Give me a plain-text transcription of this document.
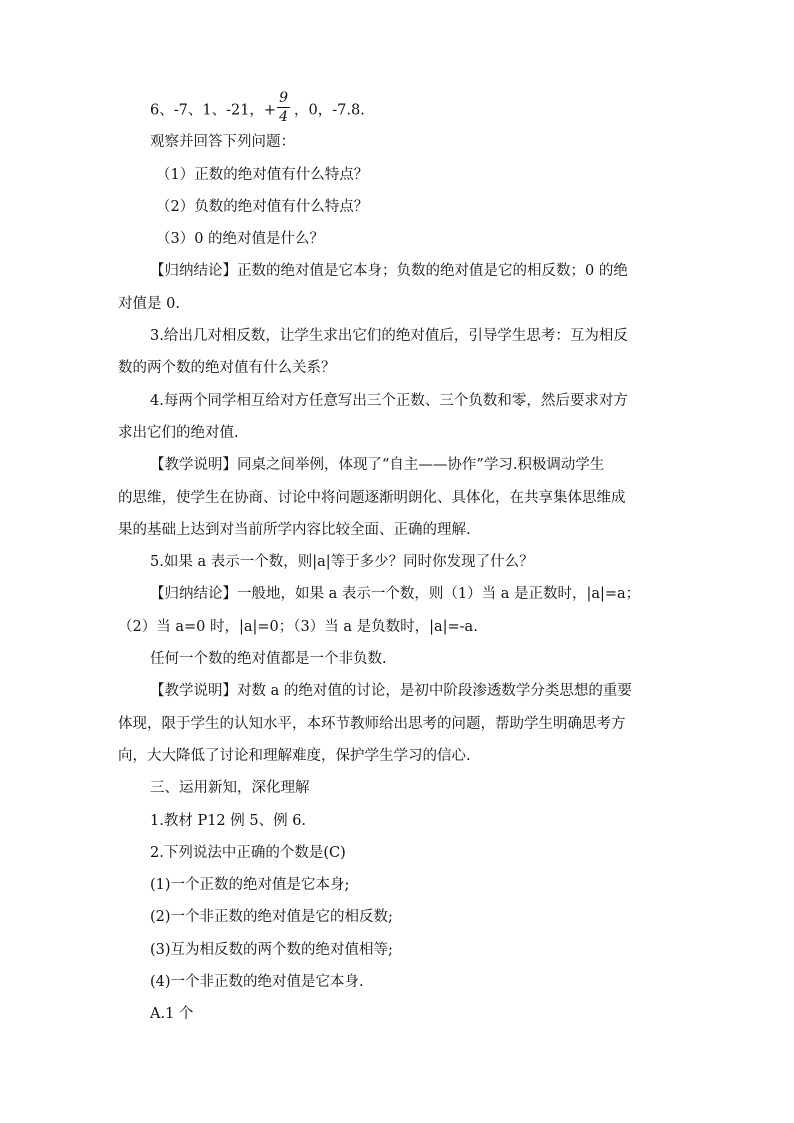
6、-7、1、-21，+ $\frac{9}{4}$ ，0，-7.8.
观察并回答下列问题：
（1）正数的绝对值有什么特点？
（2）负数的绝对值有什么特点？
（3）0 的绝对值是什么？
【归纳结论】正数的绝对值是它本身；负数的绝对值是它的相反数；0 的绝
对值是 0.
3.给出几对相反数，让学生求出它们的绝对值后，引导学生思考：互为相反
数的两个数的绝对值有什么关系？
4.每两个同学相互给对方任意写出三个正数、三个负数和零，然后要求对方
求出它们的绝对值.
【教学说明】同桌之间举例，体现了“自主——协作”学习.积极调动学生
的思维，使学生在协商、讨论中将问题逐渐明朗化、具体化，在共享集体思维成
果的基础上达到对当前所学内容比较全面、正确的理解.
5.如果 a 表示一个数，则|a|等于多少？同时你发现了什么？
【归纳结论】一般地，如果 a 表示一个数，则（1）当 a 是正数时，|a|=a；
（2）当 a=0 时，|a|=0；（3）当 a 是负数时，|a|=-a.
任何一个数的绝对值都是一个非负数.
【教学说明】对数 a 的绝对值的讨论，是初中阶段渗透数学分类思想的重要
体现，限于学生的认知水平，本环节教师给出思考的问题，帮助学生明确思考方
向，大大降低了讨论和理解难度，保护学生学习的信心.
三、运用新知，深化理解
1.教材 P12 例 5、例 6.
2.下列说法中正确的个数是(C)
(1)一个正数的绝对值是它本身;
(2)一个非正数的绝对值是它的相反数;
(3)互为相反数的两个数的绝对值相等;
(4)一个非正数的绝对值是它本身.
A.1 个
